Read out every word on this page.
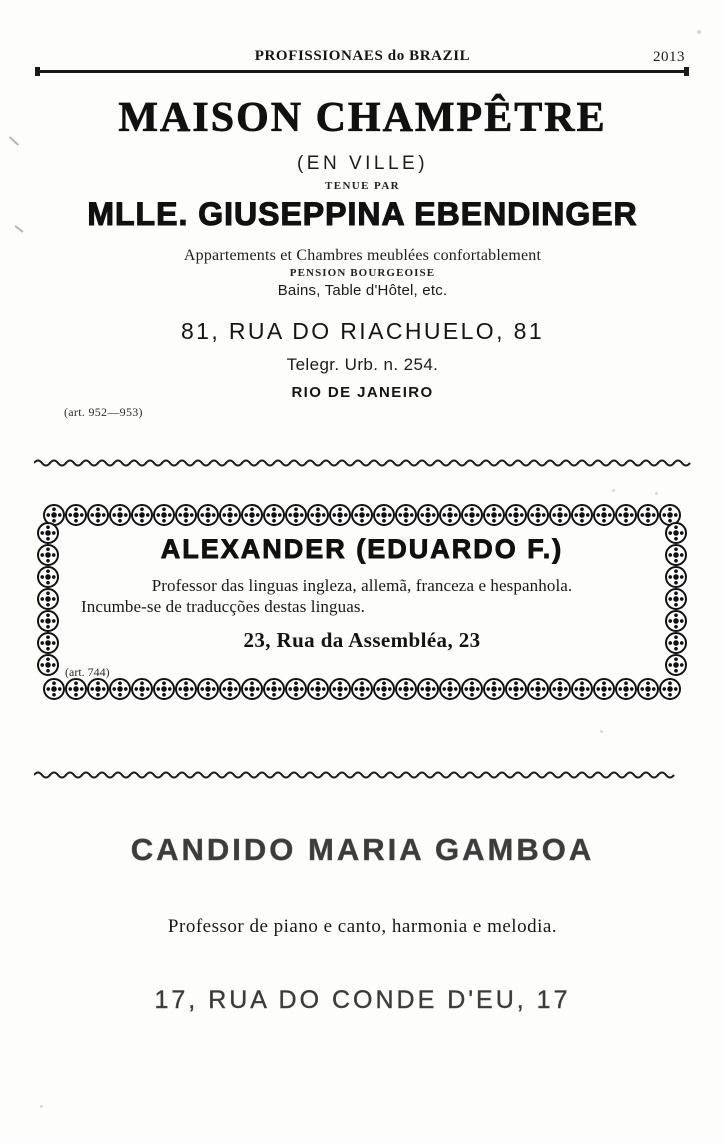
PROFISSIONAES do BRAZIL	2013
MAISON CHAMPÊTRE
(EN VILLE)
TENUE PAR
MLLE. GIUSEPPINA EBENDINGER
Appartements et Chambres meublées confortablement
PENSION BOURGEOISE
Bains, Table d'Hôtel, etc.
81, RUA DO RIACHUELO, 81
Telegr. Urb. n. 254.
RIO DE JANEIRO
(art. 952—953)
ALEXANDER (EDUARDO F.)
Professor das linguas ingleza, allemã, franceza e hespanhola.
Incumbe-se de traducções destas linguas.
23, Rua da Assembléa, 23
(art. 744)
CANDIDO MARIA GAMBOA
Professor de piano e canto, harmonia e melodia.
17, RUA DO CONDE D'EU, 17
